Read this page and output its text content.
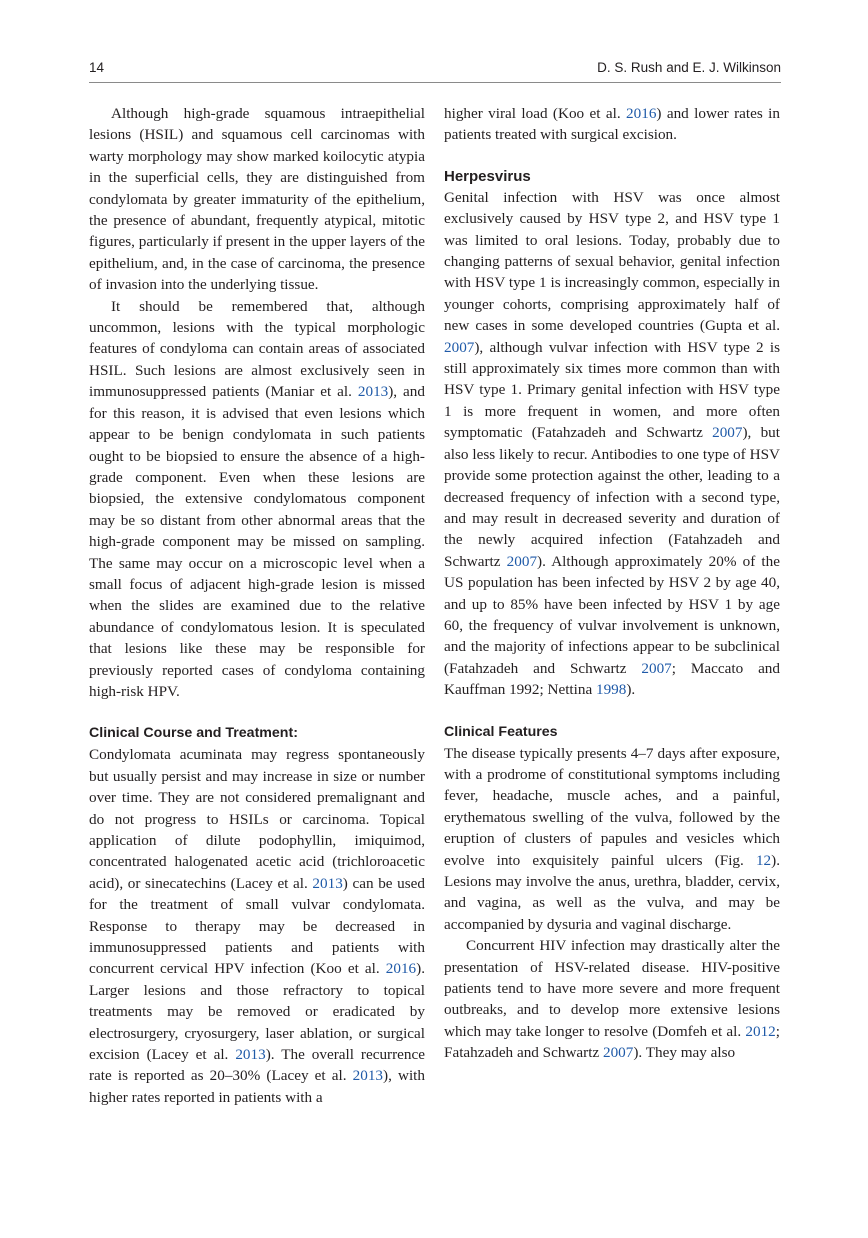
14	D. S. Rush and E. J. Wilkinson

Although high-grade squamous intraepithelial lesions (HSIL) and squamous cell carcinomas with warty morphology may show marked koilocytic atypia in the superficial cells, they are distinguished from condylomata by greater immaturity of the epithelium, the presence of abundant, frequently atypical, mitotic figures, particularly if present in the upper layers of the epithelium, and, in the case of carcinoma, the presence of invasion into the underlying tissue.

It should be remembered that, although uncommon, lesions with the typical morphologic features of condyloma can contain areas of associated HSIL. Such lesions are almost exclusively seen in immunosuppressed patients (Maniar et al. 2013), and for this reason, it is advised that even lesions which appear to be benign condylomata in such patients ought to be biopsied to ensure the absence of a high-grade component. Even when these lesions are biopsied, the extensive condylomatous component may be so distant from other abnormal areas that the high-grade component may be missed on sampling. The same may occur on a microscopic level when a small focus of adjacent high-grade lesion is missed when the slides are examined due to the relative abundance of condylomatous lesion. It is speculated that lesions like these may be responsible for previously reported cases of condyloma containing high-risk HPV.

Clinical Course and Treatment:

Condylomata acuminata may regress spontaneously but usually persist and may increase in size or number over time. They are not considered premalignant and do not progress to HSILs or carcinoma. Topical application of dilute podophyllin, imiquimod, concentrated halogenated acetic acid (trichloroacetic acid), or sinecatechins (Lacey et al. 2013) can be used for the treatment of small vulvar condylomata. Response to therapy may be decreased in immunosuppressed patients and patients with concurrent cervical HPV infection (Koo et al. 2016). Larger lesions and those refractory to topical treatments may be removed or eradicated by electrosurgery, cryosurgery, laser ablation, or surgical excision (Lacey et al. 2013). The overall recurrence rate is reported as 20–30% (Lacey et al. 2013), with higher rates reported in patients with a

higher viral load (Koo et al. 2016) and lower rates in patients treated with surgical excision.

Herpesvirus

Genital infection with HSV was once almost exclusively caused by HSV type 2, and HSV type 1 was limited to oral lesions. Today, probably due to changing patterns of sexual behavior, genital infection with HSV type 1 is increasingly common, especially in younger cohorts, comprising approximately half of new cases in some developed countries (Gupta et al. 2007), although vulvar infection with HSV type 2 is still approximately six times more common than with HSV type 1. Primary genital infection with HSV type 1 is more frequent in women, and more often symptomatic (Fatahzadeh and Schwartz 2007), but also less likely to recur. Antibodies to one type of HSV provide some protection against the other, leading to a decreased frequency of infection with a second type, and may result in decreased severity and duration of the newly acquired infection (Fatahzadeh and Schwartz 2007). Although approximately 20% of the US population has been infected by HSV 2 by age 40, and up to 85% have been infected by HSV 1 by age 60, the frequency of vulvar involvement is unknown, and the majority of infections appear to be subclinical (Fatahzadeh and Schwartz 2007; Maccato and Kauffman 1992; Nettina 1998).

Clinical Features

The disease typically presents 4–7 days after exposure, with a prodrome of constitutional symptoms including fever, headache, muscle aches, and a painful, erythematous swelling of the vulva, followed by the eruption of clusters of papules and vesicles which evolve into exquisitely painful ulcers (Fig. 12). Lesions may involve the anus, urethra, bladder, cervix, and vagina, as well as the vulva, and may be accompanied by dysuria and vaginal discharge.

Concurrent HIV infection may drastically alter the presentation of HSV-related disease. HIV-positive patients tend to have more severe and more frequent outbreaks, and to develop more extensive lesions which may take longer to resolve (Domfeh et al. 2012; Fatahzadeh and Schwartz 2007). They may also
